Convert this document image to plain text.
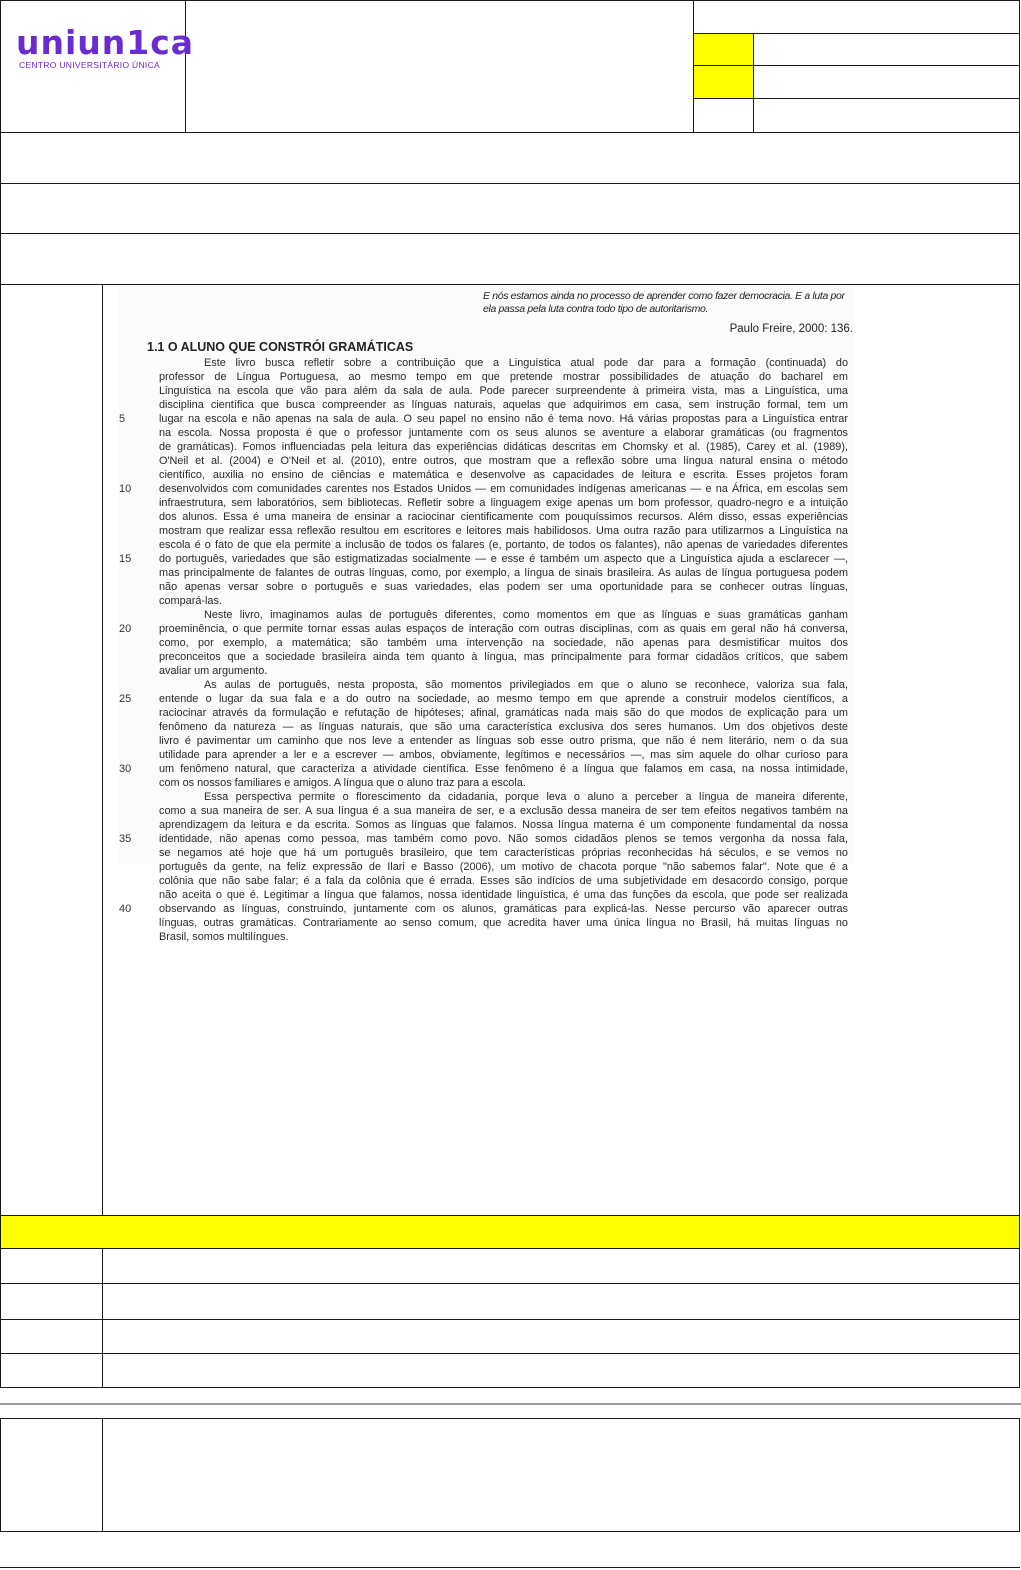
uniun1ca
CENTRO UNIVERSITÁRIO ÚNICA
E nós estamos ainda no processo de aprender como fazer democracia. E a luta por ela passa pela luta contra todo tipo de autoritarismo.
Paulo Freire, 2000: 136.
1.1 O ALUNO QUE CONSTRÓI GRAMÁTICAS
Este livro busca refletir sobre a contribuição que a Linguística atual pode dar para a formação (continuada) do
professor de Língua Portuguesa, ao mesmo tempo em que pretende mostrar possibilidades de atuação do bacharel em
Linguística na escola que vão para além da sala de aula. Pode parecer surpreendente à primeira vista, mas a Linguística, uma
disciplina científica que busca compreender as línguas naturais, aquelas que adquirimos em casa, sem instrução formal, tem um
lugar na escola e não apenas na sala de aula. O seu papel no ensino não é tema novo. Há várias propostas para a Linguística entrar
na escola. Nossa proposta é que o professor juntamente com os seus alunos se aventure a elaborar gramáticas (ou fragmentos
de gramáticas). Fomos influenciadas pela leitura das experiências didáticas descritas em Chomsky et al. (1985), Carey et al. (1989),
O'Neil et al. (2004) e O'Neil et al. (2010), entre outros, que mostram que a reflexão sobre uma língua natural ensina o método
científico, auxilia no ensino de ciências e matemática e desenvolve as capacidades de leitura e escrita. Esses projetos foram
desenvolvidos com comunidades carentes nos Estados Unidos — em comunidades indígenas americanas — e na África, em escolas sem
infraestrutura, sem laboratórios, sem bibliotecas. Refletir sobre a linguagem exige apenas um bom professor, quadro-negro e a intuição
dos alunos. Essa é uma maneira de ensinar a raciocinar cientificamente com pouquíssimos recursos. Além disso, essas experiências
mostram que realizar essa reflexão resultou em escritores e leitores mais habilidosos. Uma outra razão para utilizarmos a Linguística na
escola é o fato de que ela permite a inclusão de todos os falares (e, portanto, de todos os falantes), não apenas de variedades diferentes
do português, variedades que são estigmatizadas socialmente — e esse é também um aspecto que a Linguística ajuda a esclarecer —,
mas principalmente de falantes de outras línguas, como, por exemplo, a língua de sinais brasileira. As aulas de língua portuguesa podem
não apenas versar sobre o português e suas variedades, elas podem ser uma oportunidade para se conhecer outras línguas,
compará-las.
Neste livro, imaginamos aulas de português diferentes, como momentos em que as línguas e suas gramáticas ganham
proeminência, o que permite tornar essas aulas espaços de interação com outras disciplinas, com as quais em geral não há conversa,
como, por exemplo, a matemática; são também uma intervenção na sociedade, não apenas para desmistificar muitos dos
preconceitos que a sociedade brasileira ainda tem quanto à língua, mas principalmente para formar cidadãos críticos, que sabem
avaliar um argumento.
As aulas de português, nesta proposta, são momentos privilegiados em que o aluno se reconhece, valoriza sua fala,
entende o lugar da sua fala e a do outro na sociedade, ao mesmo tempo em que aprende a construir modelos científicos, a
raciocinar através da formulação e refutação de hipóteses; afinal, gramáticas nada mais são do que modos de explicação para um
fenômeno da natureza — as línguas naturais, que são uma característica exclusiva dos seres humanos. Um dos objetivos deste
livro é pavimentar um caminho que nos leve a entender as línguas sob esse outro prisma, que não é nem literário, nem o da sua
utilidade para aprender a ler e a escrever — ambos, obviamente, legítimos e necessários —, mas sim aquele do olhar curioso para
um fenômeno natural, que caracteriza a atividade científica. Esse fenômeno é a língua que falamos em casa, na nossa intimidade,
com os nossos familiares e amigos. A língua que o aluno traz para a escola.
Essa perspectiva permite o florescimento da cidadania, porque leva o aluno a perceber a língua de maneira diferente,
como a sua maneira de ser. A sua língua é a sua maneira de ser, e a exclusão dessa maneira de ser tem efeitos negativos também na
aprendizagem da leitura e da escrita. Somos as línguas que falamos. Nossa língua materna é um componente fundamental da nossa
identidade, não apenas como pessoa, mas também como povo. Não somos cidadãos plenos se temos vergonha da nossa fala,
se negamos até hoje que há um português brasileiro, que tem características próprias reconhecidas há séculos, e se vemos no
português da gente, na feliz expressão de Ilari e Basso (2006), um motivo de chacota porque "não sabemos falar". Note que é a
colônia que não sabe falar; é a fala da colônia que é errada. Esses são indícios de uma subjetividade em desacordo consigo, porque
não aceita o que é. Legitimar a língua que falamos, nossa identidade linguística, é uma das funções da escola, que pode ser realizada
observando as línguas, construindo, juntamente com os alunos, gramáticas para explicá-las. Nesse percurso vão aparecer outras
línguas, outras gramáticas. Contrariamente ao senso comum, que acredita haver uma única língua no Brasil, há muitas línguas no
Brasil, somos multilíngues.
5
10
15
20
25
30
35
40
